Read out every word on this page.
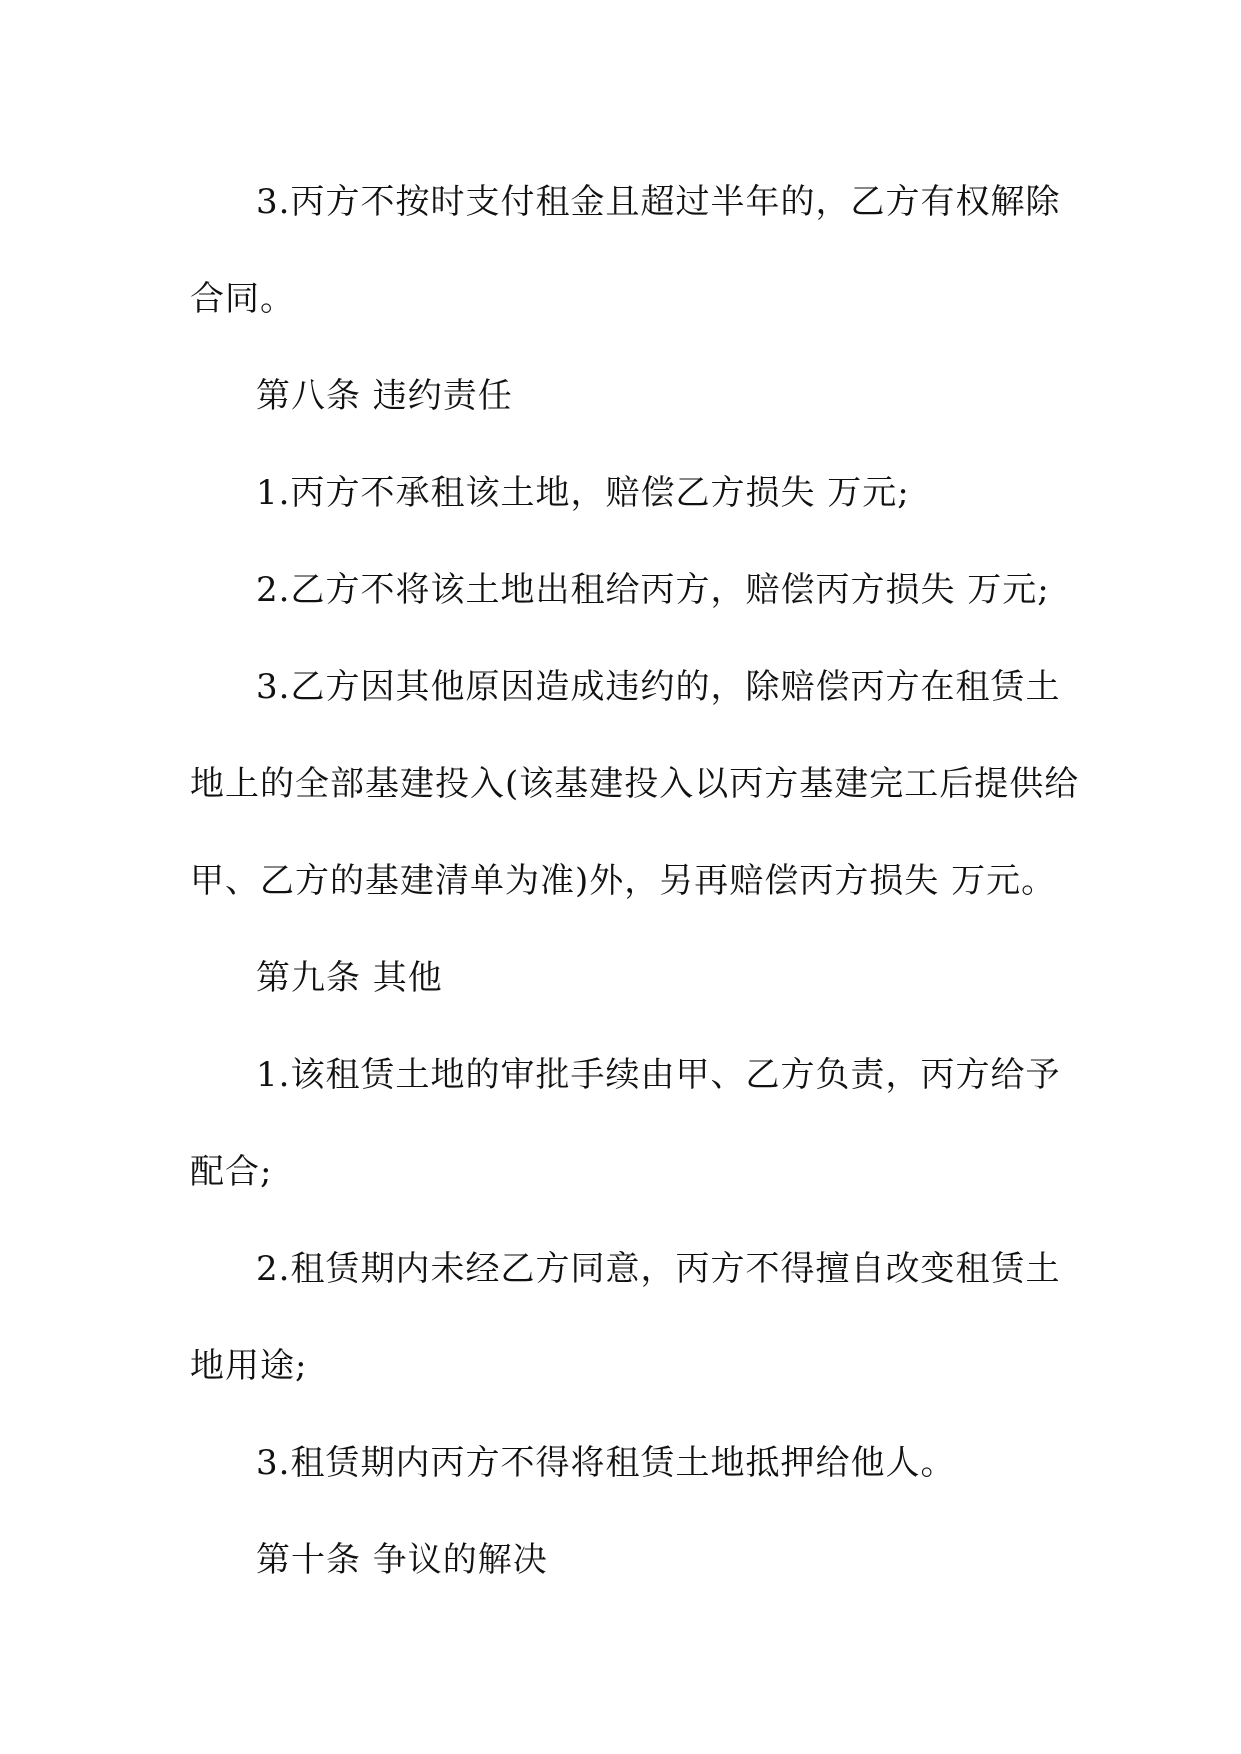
3.丙方不按时支付租金且超过半年的，乙方有权解除
合同。
第八条 违约责任
1.丙方不承租该土地，赔偿乙方损失 万元;
2.乙方不将该土地出租给丙方，赔偿丙方损失 万元;
3.乙方因其他原因造成违约的，除赔偿丙方在租赁土
地上的全部基建投入(该基建投入以丙方基建完工后提供给
甲、乙方的基建清单为准)外，另再赔偿丙方损失 万元。
第九条 其他
1.该租赁土地的审批手续由甲、乙方负责，丙方给予
配合;
2.租赁期内未经乙方同意，丙方不得擅自改变租赁土
地用途;
3.租赁期内丙方不得将租赁土地抵押给他人。
第十条 争议的解决
